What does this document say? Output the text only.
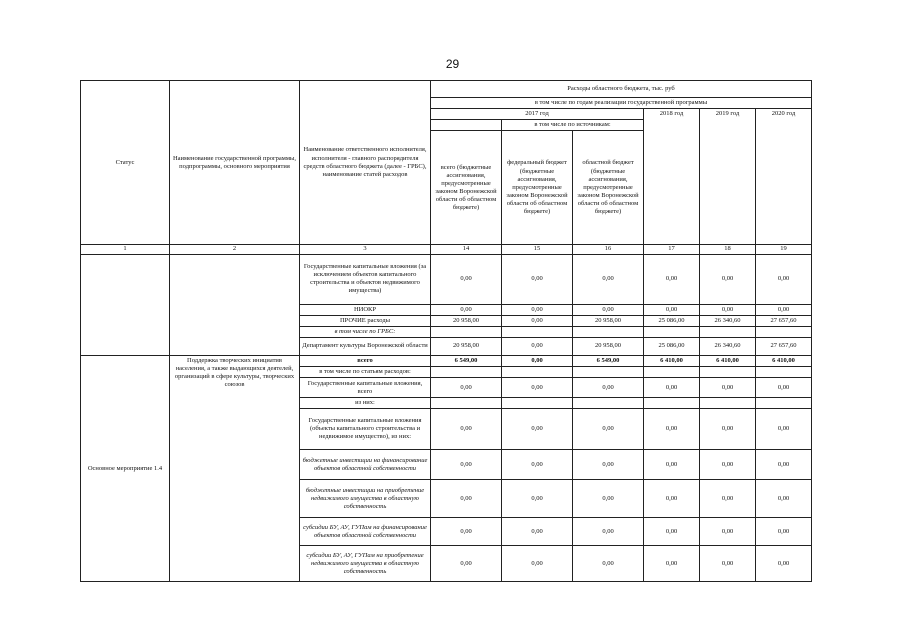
29
Статус	Наименование государственной программы, подпрограммы, основного мероприятия	Наименование ответственного исполнителя, исполнителя - главного распорядителя средств областного бюджета (далее - ГРБС), наименование статей расходов	Расходы областного бюджета, тыс. руб					
			в том числе по годам реализации государственной программы					
			2017 год			2018 год	2019 год	2020 год
				в том числе по источникам:				
			всего (бюджетные ассигнования, предусмотренные законом Воронежской области об областном бюджете)	федеральный бюджет (бюджетные ассигнования, предусмотренные законом Воронежской области об областном бюджете)	областной бюджет (бюджетные ассигнования, предусмотренные законом Воронежской области об областном бюджете)			
1	2	3	14	15	16	17	18	19
		Государственные капитальные вложения (за исключением объектов капитального строительства и объектов недвижимого имущества)	0,00	0,00	0,00	0,00	0,00	0,00
		НИОКР	0,00	0,00	0,00	0,00	0,00	0,00
		ПРОЧИЕ расходы	20 958,00	0,00	20 958,00	25 086,00	26 340,60	27 657,60
		в том числе по ГРБС:						
		Департамент культуры Воронежской области	20 958,00	0,00	20 958,00	25 086,00	26 340,60	27 657,60
Основное мероприятие 1.4	Поддержка творческих инициатив населения, а также выдающихся деятелей, организаций в сфере культуры, творческих союзов	всего	6 549,00	0,00	6 549,00	6 410,00	6 410,00	6 410,00
		в том числе по статьям расходов:						
		Государственные капитальные вложения, всего	0,00	0,00	0,00	0,00	0,00	0,00
		из них:						
		Государственные капитальные вложения (объекты капитального строительства и недвижимое имущество), из них:	0,00	0,00	0,00	0,00	0,00	0,00
		бюджетные инвестиции на финансирование объектов областной собственности	0,00	0,00	0,00	0,00	0,00	0,00
		бюджетные инвестиции на приобретение недвижимого имущества в областную собственность	0,00	0,00	0,00	0,00	0,00	0,00
		субсидии БУ, АУ, ГУПам на финансирование объектов областной собственности	0,00	0,00	0,00	0,00	0,00	0,00
		субсидии БУ, АУ, ГУПам на приобретение недвижимого имущества в областную собственность	0,00	0,00	0,00	0,00	0,00	0,00
